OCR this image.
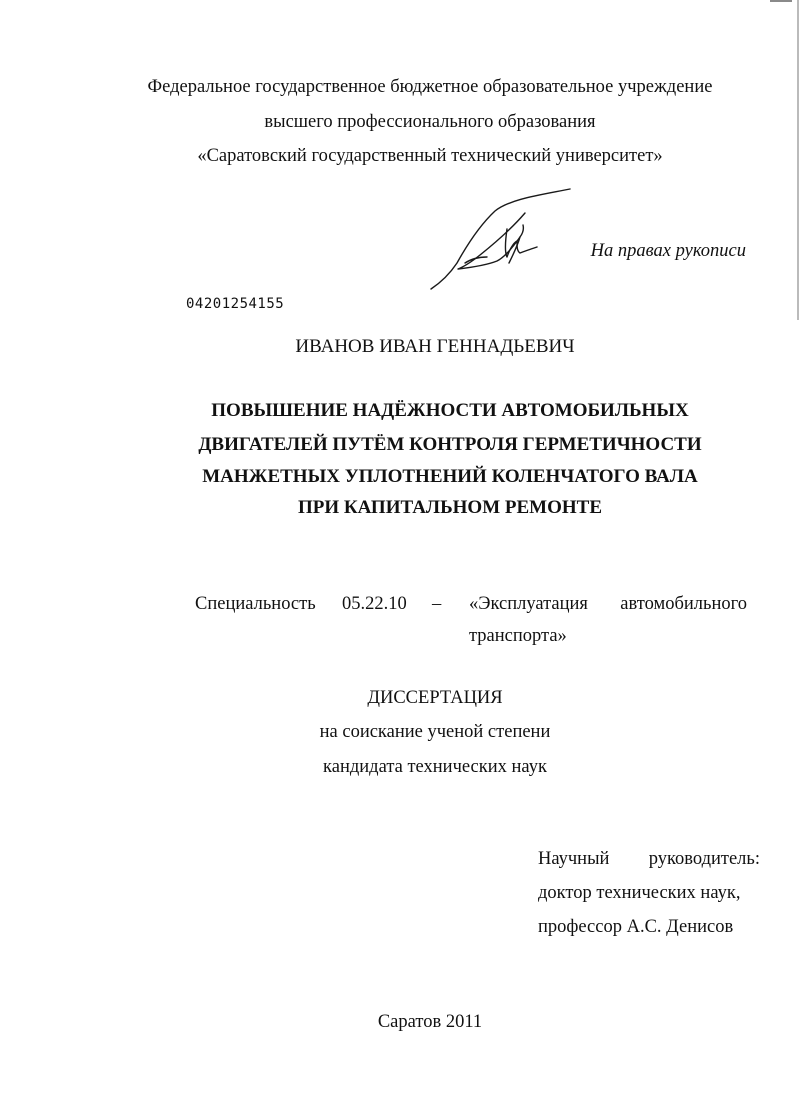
Федеральное государственное бюджетное образовательное учреждение
высшего профессионального образования
«Саратовский государственный технический университет»
На правах рукописи
04201254155
ИВАНОВ ИВАН ГЕННАДЬЕВИЧ
ПОВЫШЕНИЕ НАДЁЖНОСТИ АВТОМОБИЛЬНЫХ
ДВИГАТЕЛЕЙ ПУТЁМ КОНТРОЛЯ ГЕРМЕТИЧНОСТИ
МАНЖЕТНЫХ УПЛОТНЕНИЙ КОЛЕНЧАТОГО ВАЛА
ПРИ КАПИТАЛЬНОМ РЕМОНТЕ
Специальность 05.22.10 – «Эксплуатация автомобильного
транспорта»
ДИССЕРТАЦИЯ
на соискание ученой степени
кандидата технических наук
Научный руководитель:
доктор технических наук,
профессор А.С. Денисов
Саратов 2011
